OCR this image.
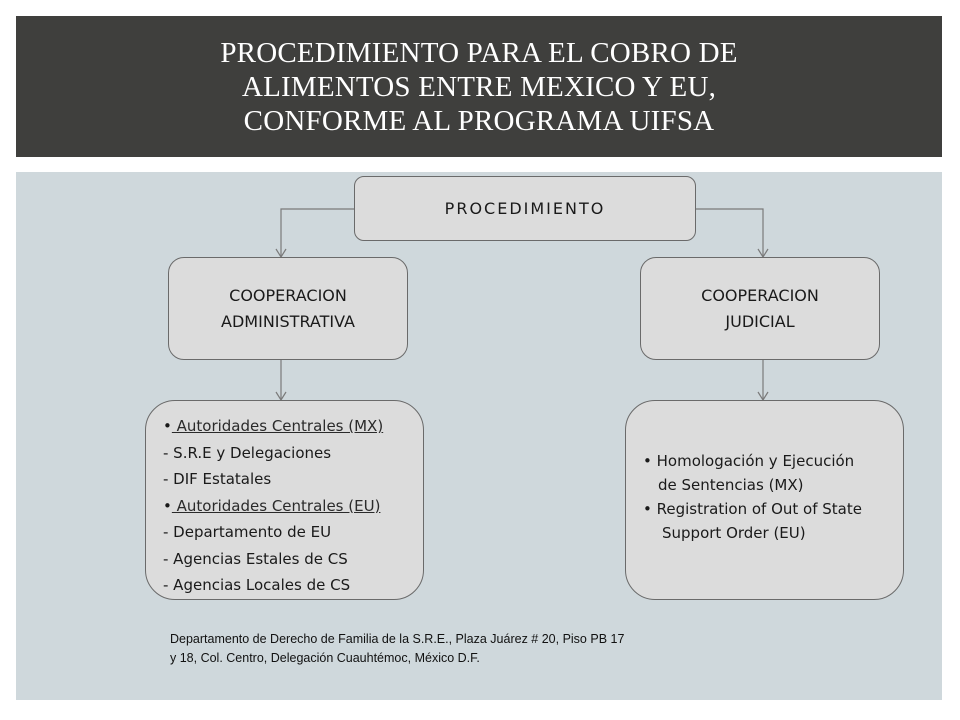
PROCEDIMIENTO PARA EL COBRO DE
ALIMENTOS ENTRE MEXICO Y EU,
CONFORME AL PROGRAMA UIFSA
PROCEDIMIENTO
COOPERACION
ADMINISTRATIVA
COOPERACION
JUDICIAL
• Autoridades Centrales (MX)
- S.R.E y Delegaciones
- DIF Estatales
• Autoridades Centrales (EU)
- Departamento de EU
- Agencias Estales de CS
- Agencias Locales de CS
• Homologación y Ejecución
de Sentencias (MX)
• Registration of Out of State
Support Order (EU)
Departamento de Derecho de Familia de la S.R.E., Plaza Juárez # 20, Piso PB 17 y 18, Col. Centro, Delegación Cuauhtémoc, México D.F.
